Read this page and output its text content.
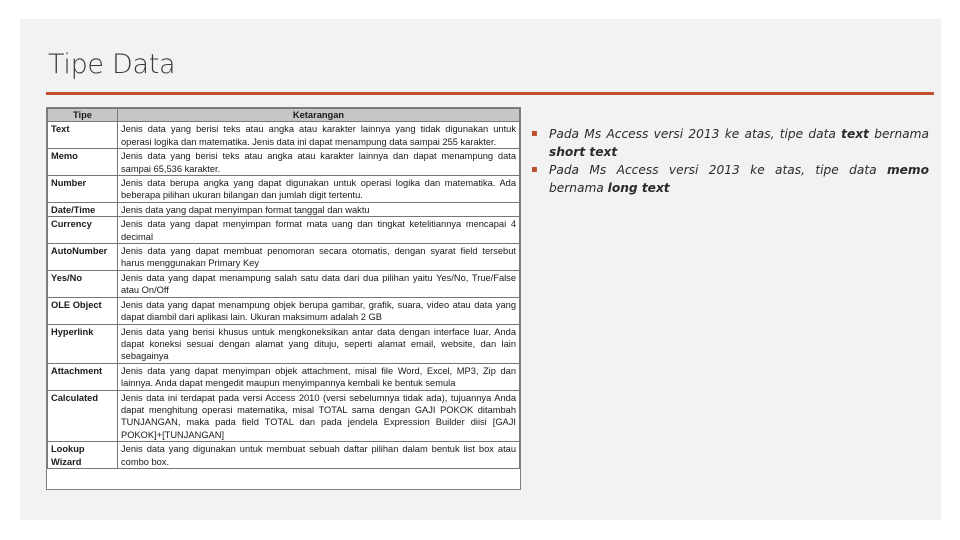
Tipe Data
Tipe	Ketarangan
Text	Jenis data yang berisi teks atau angka atau karakter lainnya yang tidak digunakan untuk operasi logika dan matematika. Jenis data ini dapat menampung data sampai 255 karakter.
Memo	Jenis data yang berisi teks atau angka atau karakter lainnya dan dapat menampung data sampai 65,536 karakter.
Number	Jenis data berupa angka yang dapat digunakan untuk operasi logika dan matematika. Ada beberapa pilihan ukuran bilangan dan jumlah digit tertentu.
Date/Time	Jenis data yang dapat menyimpan format tanggal dan waktu
Currency	Jenis data yang dapat menyimpan format mata uang dan tingkat ketelitiannya mencapai 4 decimal
AutoNumber	Jenis data yang dapat membuat penomoran secara otomatis, dengan syarat field tersebut harus menggunakan Primary Key
Yes/No	Jenis data yang dapat menampung salah satu data dari dua pilihan yaitu Yes/No, True/False atau On/Off
OLE Object	Jenis data yang dapat menampung objek berupa gambar, grafik, suara, video atau data yang dapat diambil dari aplikasi lain. Ukuran maksimum adalah 2 GB
Hyperlink	Jenis data yang berisi khusus untuk mengkoneksikan antar data dengan interface luar. Anda dapat koneksi sesuai dengan alamat yang dituju, seperti alamat email, website, dan lain sebagainya
Attachment	Jenis data yang dapat menyimpan objek attachment, misal file Word, Excel, MP3, Zip dan lainnya. Anda dapat mengedit maupun menyimpannya kembali ke bentuk semula
Calculated	Jenis data ini terdapat pada versi Access 2010 (versi sebelumnya tidak ada), tujuannya Anda dapat menghitung operasi matematika, misal TOTAL sama dengan GAJI POKOK ditambah TUNJANGAN, maka pada field TOTAL dan pada jendela Expression Builder diisi [GAJI POKOK]+[TUNJANGAN]
Lookup Wizard	Jenis data yang digunakan untuk membuat sebuah daftar pilihan dalam bentuk list box atau combo box.
▪ Pada Ms Access versi 2013 ke atas, tipe data text bernama short text
▪ Pada Ms Access versi 2013 ke atas, tipe data memo bernama long text
